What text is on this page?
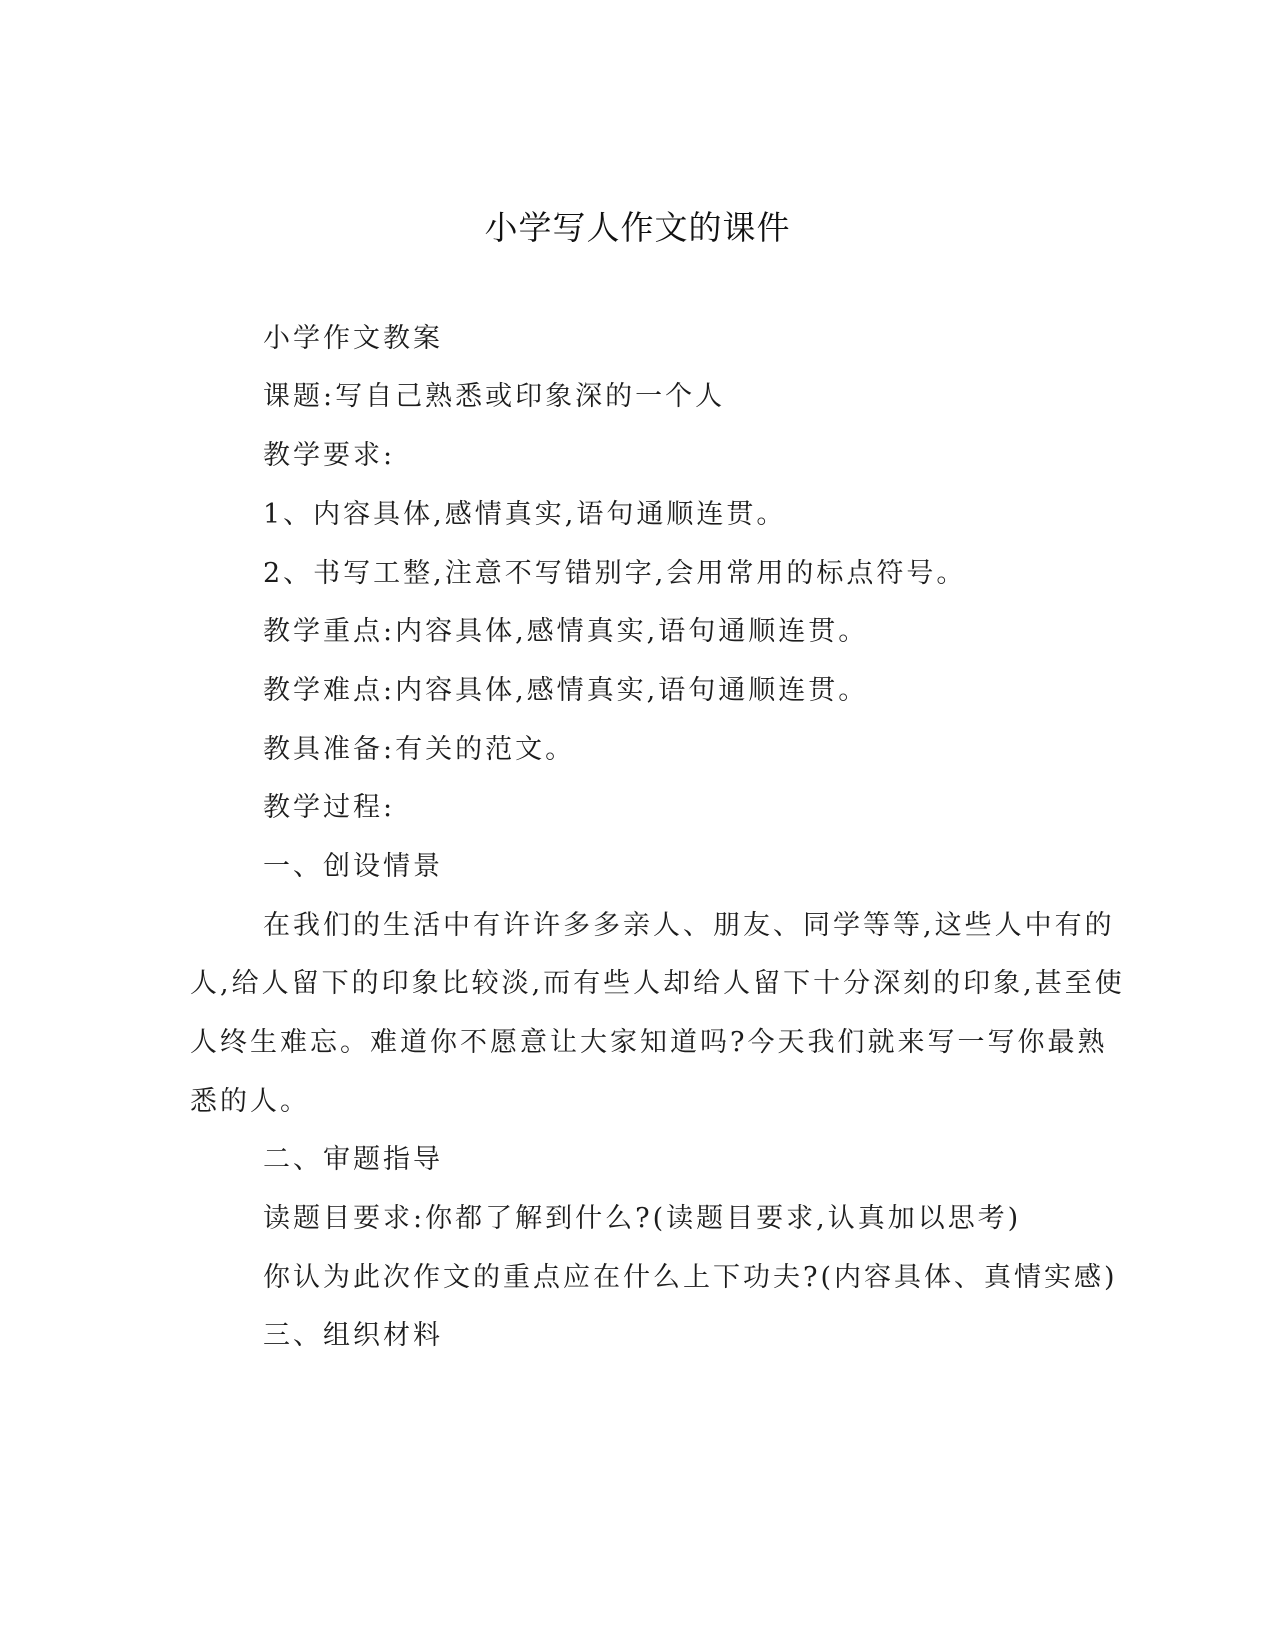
小学写人作文的课件
小学作文教案
课题:写自己熟悉或印象深的一个人
教学要求:
1、内容具体,感情真实,语句通顺连贯。
2、书写工整,注意不写错别字,会用常用的标点符号。
教学重点:内容具体,感情真实,语句通顺连贯。
教学难点:内容具体,感情真实,语句通顺连贯。
教具准备:有关的范文。
教学过程:
一、创设情景
在我们的生活中有许许多多亲人、朋友、同学等等,这些人中有的
人,给人留下的印象比较淡,而有些人却给人留下十分深刻的印象,甚至使
人终生难忘。难道你不愿意让大家知道吗?今天我们就来写一写你最熟
悉的人。
二、审题指导
读题目要求:你都了解到什么?(读题目要求,认真加以思考)
你认为此次作文的重点应在什么上下功夫?(内容具体、真情实感)
三、组织材料
